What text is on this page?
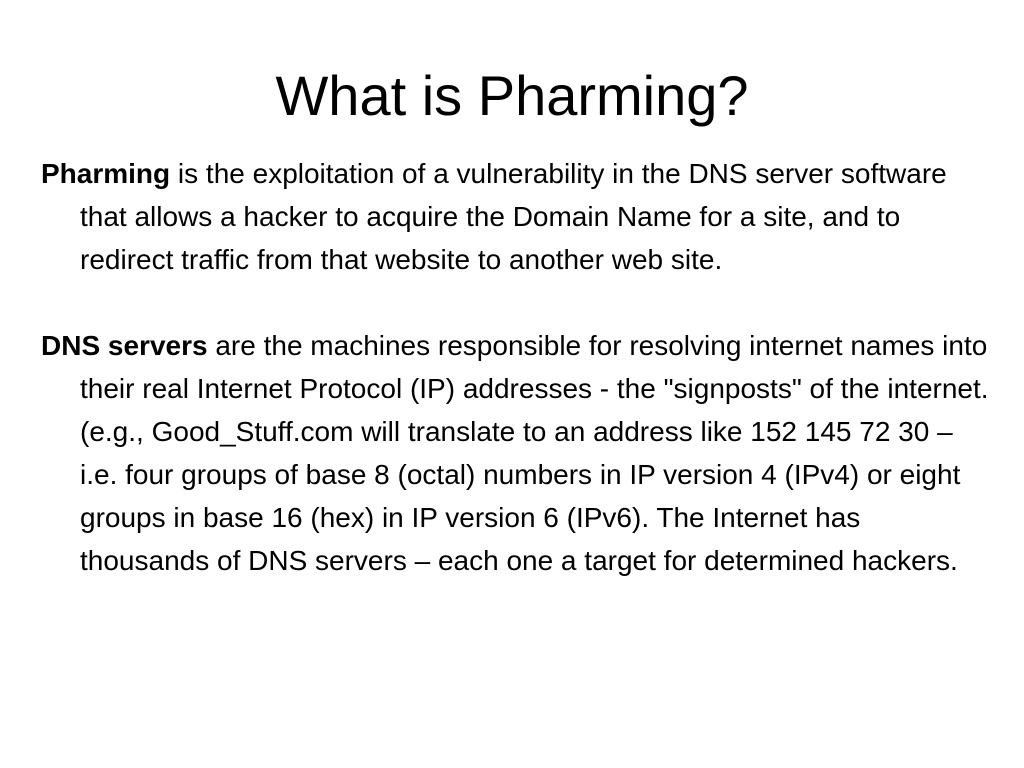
What is Pharming?

Pharming is the exploitation of a vulnerability in the DNS server software that allows a hacker to acquire the Domain Name for a site, and to redirect traffic from that website to another web site.

DNS servers are the machines responsible for resolving internet names into their real Internet Protocol (IP) addresses - the "signposts" of the internet. (e.g., Good_Stuff.com will translate to an address like 152 145 72 30 – i.e. four groups of base 8 (octal) numbers in IP version 4 (IPv4) or eight groups in base 16 (hex) in IP version 6 (IPv6). The Internet has thousands of DNS servers – each one a target for determined hackers.
